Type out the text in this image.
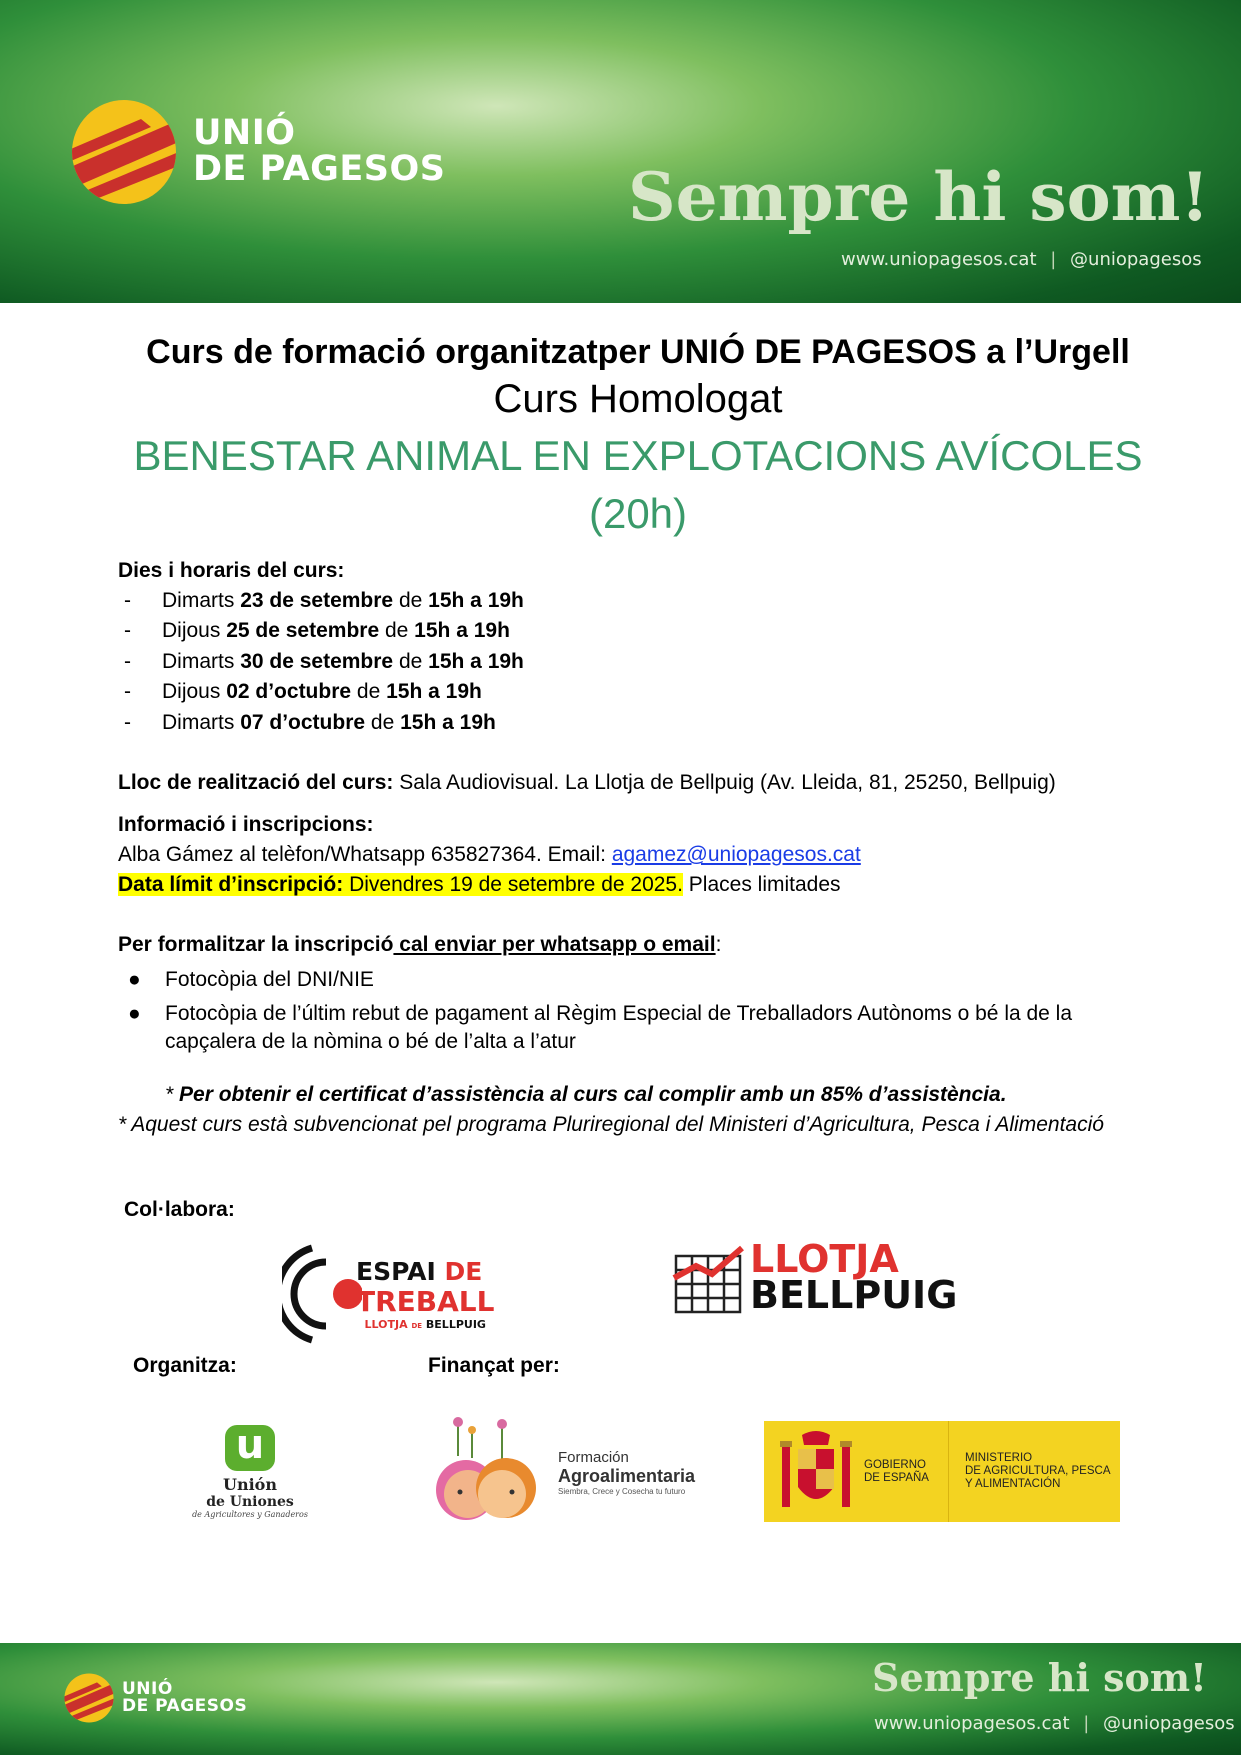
UNIÓ
DE PAGESOS	Sempre hi som!
www.uniopagesos.cat | @uniopagesos

Curs de formació organitzatper UNIÓ DE PAGESOS a l’Urgell

Curs Homologat

BENESTAR ANIMAL EN EXPLOTACIONS AVÍCOLES

(20h)

Dies i horaris del curs:

- Dimarts 23 de setembre de 15h a 19h
- Dijous 25 de setembre de 15h a 19h
- Dimarts 30 de setembre de 15h a 19h
- Dijous 02 d’octubre de 15h a 19h
- Dimarts 07 d’octubre de 15h a 19h

Lloc de realització del curs: Sala Audiovisual. La Llotja de Bellpuig (Av. Lleida, 81, 25250, Bellpuig)

Informació i inscripcions:

Alba Gámez al telèfon/Whatsapp 635827364. Email: agamez@uniopagesos.cat

Data límit d’inscripció: Divendres 19 de setembre de 2025. Places limitades

Per formalitzar la inscripció cal enviar per whatsapp o email:

● Fotocòpia del DNI/NIE
● Fotocòpia de l’últim rebut de pagament al Règim Especial de Treballadors Autònoms o bé la de la capçalera de la nòmina o bé de l’alta a l’atur

* Per obtenir el certificat d’assistència al curs cal complir amb un 85% d’assistència.

* Aquest curs està subvencionat pel programa Pluriregional del Ministeri d’Agricultura, Pesca i Alimentació

Col·labora:
ESPAI DE
TREBALL
LLOTJA DE BELLPUIG
LLOTJA
BELLPUIG
Organitza:	Finançat per:
u
Unión
de Uniones
de Agricultores y Ganaderos
Formación
Agroalimentaria
Siembra, Crece y Cosecha tu futuro
GOBIERNO
DE ESPAÑA
MINISTERIO
DE AGRICULTURA, PESCA
Y ALIMENTACIÓN
UNIÓ
DE PAGESOS
Sempre hi som!
www.uniopagesos.cat | @uniopagesos
